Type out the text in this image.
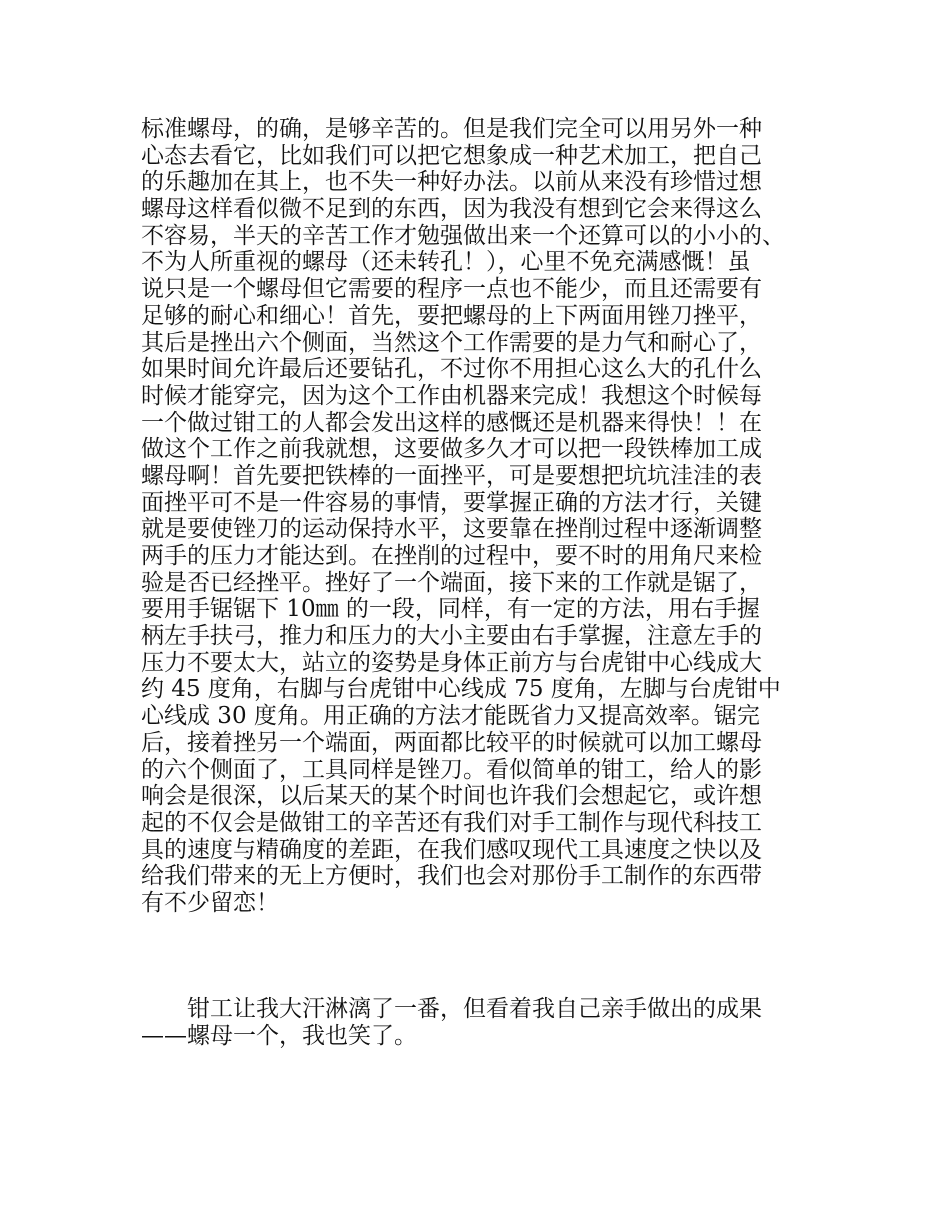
标准螺母，的确，是够辛苦的。但是我们完全可以用另外一种
心态去看它，比如我们可以把它想象成一种艺术加工，把自己
的乐趣加在其上，也不失一种好办法。以前从来没有珍惜过想
螺母这样看似微不足到的东西，因为我没有想到它会来得这么
不容易，半天的辛苦工作才勉强做出来一个还算可以的小小的、
不为人所重视的螺母（还未转孔！），心里不免充满感慨！虽
说只是一个螺母但它需要的程序一点也不能少，而且还需要有
足够的耐心和细心！首先，要把螺母的上下两面用锉刀挫平，
其后是挫出六个侧面，当然这个工作需要的是力气和耐心了，
如果时间允许最后还要钻孔，不过你不用担心这么大的孔什么
时候才能穿完，因为这个工作由机器来完成！我想这个时候每
一个做过钳工的人都会发出这样的感慨还是机器来得快！！在
做这个工作之前我就想，这要做多久才可以把一段铁棒加工成
螺母啊！首先要把铁棒的一面挫平，可是要想把坑坑洼洼的表
面挫平可不是一件容易的事情，要掌握正确的方法才行，关键
就是要使锉刀的运动保持水平，这要靠在挫削过程中逐渐调整
两手的压力才能达到。在挫削的过程中，要不时的用角尺来检
验是否已经挫平。挫好了一个端面，接下来的工作就是锯了，
要用手锯锯下 10㎜ 的一段，同样，有一定的方法，用右手握
柄左手扶弓，推力和压力的大小主要由右手掌握，注意左手的
压力不要太大，站立的姿势是身体正前方与台虎钳中心线成大
约 45 度角，右脚与台虎钳中心线成 75 度角，左脚与台虎钳中
心线成 30 度角。用正确的方法才能既省力又提高效率。锯完
后，接着挫另一个端面，两面都比较平的时候就可以加工螺母
的六个侧面了，工具同样是锉刀。看似简单的钳工，给人的影
响会是很深，以后某天的某个时间也许我们会想起它，或许想
起的不仅会是做钳工的辛苦还有我们对手工制作与现代科技工
具的速度与精确度的差距，在我们感叹现代工具速度之快以及
给我们带来的无上方便时，我们也会对那份手工制作的东西带
有不少留恋！
钳工让我大汗淋漓了一番，但看着我自己亲手做出的成果
——螺母一个，我也笑了。
